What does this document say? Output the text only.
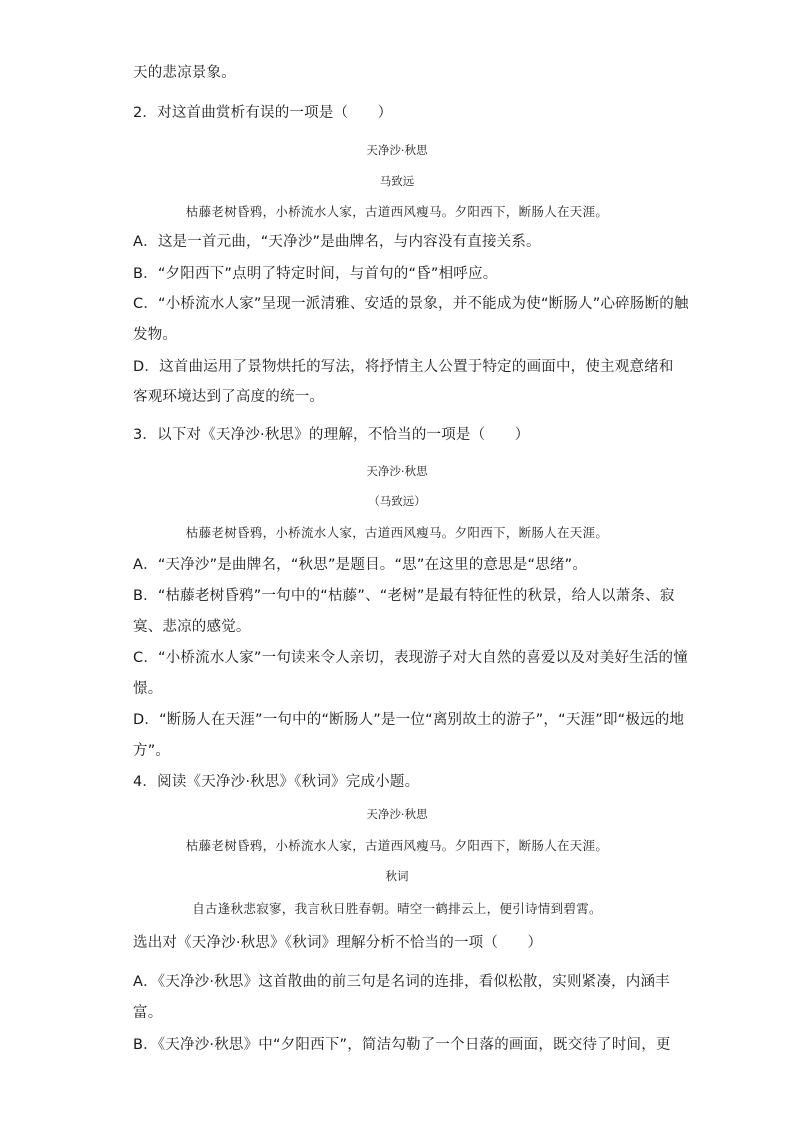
天的悲凉景象。
2．对这首曲赏析有误的一项是（　　）
天净沙·秋思
马致远
枯藤老树昏鸦，小桥流水人家，古道西风瘦马。夕阳西下，断肠人在天涯。
A．这是一首元曲，“天净沙”是曲牌名，与内容没有直接关系。
B．“夕阳西下”点明了特定时间，与首句的“昏”相呼应。
C．“小桥流水人家”呈现一派清雅、安适的景象，并不能成为使“断肠人”心碎肠断的触
发物。
D．这首曲运用了景物烘托的写法，将抒情主人公置于特定的画面中，使主观意绪和
客观环境达到了高度的统一。
3．以下对《天净沙·秋思》的理解，不恰当的一项是（　　）
天净沙·秋思
（马致远）
枯藤老树昏鸦，小桥流水人家，古道西风瘦马。夕阳西下，断肠人在天涯。
A．“天净沙”是曲牌名，“秋思”是题目。“思”在这里的意思是“思绪”。
B．“枯藤老树昏鸦”一句中的“枯藤”、“老树”是最有特征性的秋景，给人以萧条、寂
寞、悲凉的感觉。
C．“小桥流水人家”一句读来令人亲切，表现游子对大自然的喜爱以及对美好生活的憧
憬。
D．“断肠人在天涯”一句中的“断肠人”是一位“离别故土的游子”，“天涯”即“极远的地
方”。
4．阅读《天净沙·秋思》《秋词》完成小题。
天净沙·秋思
枯藤老树昏鸦，小桥流水人家，古道西风瘦马。夕阳西下，断肠人在天涯。
秋词
自古逢秋悲寂寥，我言秋日胜春朝。晴空一鹤排云上，便引诗情到碧霄。
选出对《天净沙·秋思》《秋词》理解分析不恰当的一项（　　）
A．《天净沙·秋思》这首散曲的前三句是名词的连排，看似松散，实则紧凑，内涵丰
富。
B．《天净沙·秋思》中“夕阳西下”，简洁勾勒了一个日落的画面，既交待了时间，更
